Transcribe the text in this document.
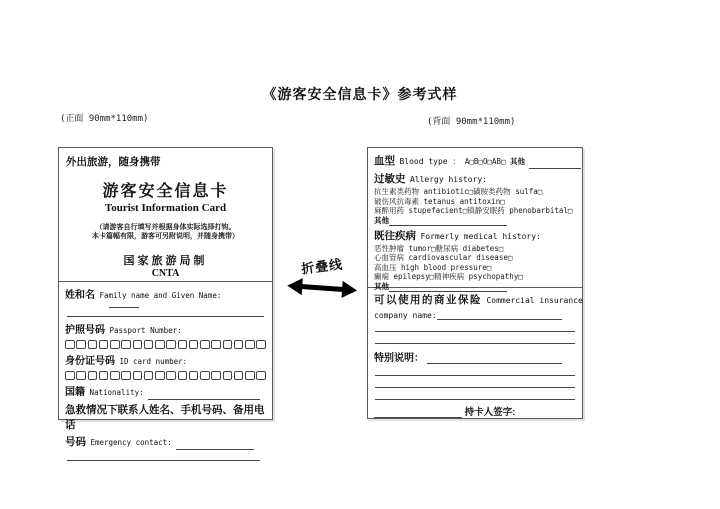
《游客安全信息卡》参考式样
(正面 90mm*110mm)	(背面 90mm*110mm)
外出旅游，随身携带
游客安全信息卡
Tourist Information Card
（请游客自行填写并根据身体实际选择打钩。
本卡篇幅有限，游客可另附说明，并随身携带）
国家旅游局制
CNTA
姓和名 Family name and Given Name:
护照号码 Passport Number:
身份证号码 ID card number:
国籍 Nationality:
急救情况下联系人姓名、手机号码、备用电话
号码 Emergency contact:
折叠线
血型 Blood type ： A□B□O□AB□ 其他
过敏史 Allergy history:
抗生素类药物 antibiotic□磺胺类药物 sulfa□
破伤风抗毒素 tetanus antitoxin□
麻醉用药 stupefacient□镇静安眠药 phenobarbital□
其他
既往疾病 Formerly medical history:
恶性肿瘤 tumor□糖尿病 diabetes□
心血管病 cardiovascular disease□
高血压 high blood pressure□
癫痫 epilepsy□精神疾病 psychopathy□
其他
可以使用的商业保险 Commercial insurance
company name:
特别说明：
持卡人签字:
